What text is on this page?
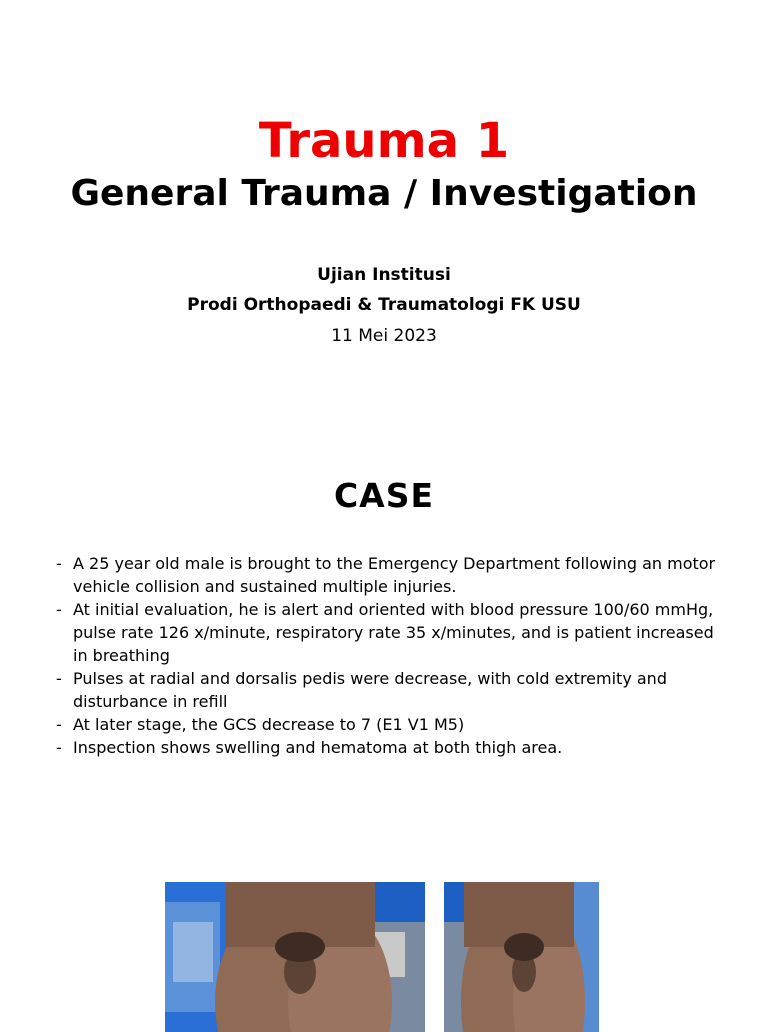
Trauma 1
General Trauma / Investigation
Ujian Institusi
Prodi Orthopaedi & Traumatologi FK USU
11 Mei 2023
CASE
- A 25 year old male is brought to the Emergency Department following an motor vehicle collision and sustained multiple injuries.
- At initial evaluation, he is alert and oriented with blood pressure 100/60 mmHg, pulse rate 126 x/minute, respiratory rate 35 x/minutes, and is patient increased in breathing
- Pulses at radial and dorsalis pedis were decrease, with cold extremity and disturbance in refill
- At later stage, the GCS decrease to 7 (E1 V1 M5)
- Inspection shows swelling and hematoma at both thigh area.
